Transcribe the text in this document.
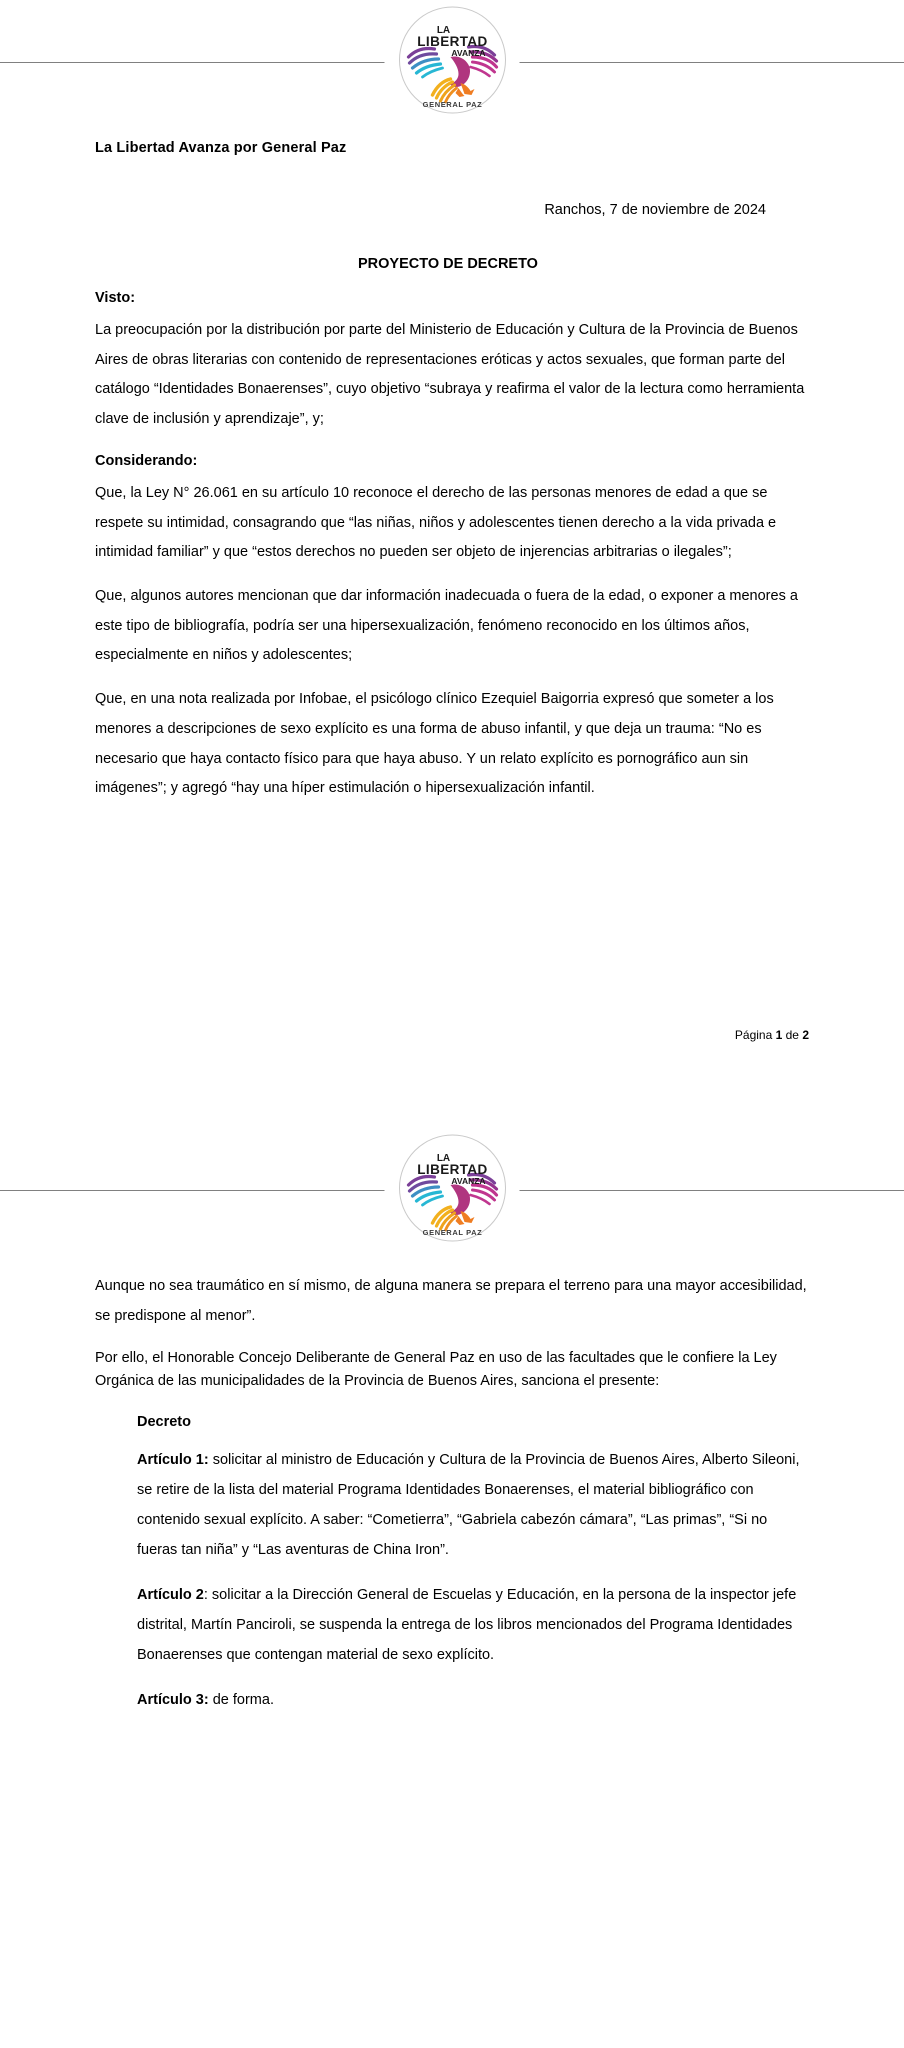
LA
LIBERTAD
AVANZA
GENERAL PAZ
La Libertad Avanza por General Paz

Ranchos, 7 de noviembre de 2024

PROYECTO DE DECRETO

Visto:

La preocupación por la distribución por parte del Ministerio de Educación y Cultura de la Provincia de Buenos Aires de obras literarias con contenido de representaciones eróticas y actos sexuales, que forman parte del catálogo “Identidades Bonaerenses”, cuyo objetivo “subraya y reafirma el valor de la lectura como herramienta clave de inclusión y aprendizaje”, y;

Considerando:

Que, la Ley N° 26.061 en su artículo 10 reconoce el derecho de las personas menores de edad a que se respete su intimidad, consagrando que “las niñas, niños y adolescentes tienen derecho a la vida privada e intimidad familiar” y que “estos derechos no pueden ser objeto de injerencias arbitrarias o ilegales”;

Que, algunos autores mencionan que dar información inadecuada o fuera de la edad, o exponer a menores a este tipo de bibliografía, podría ser una hipersexualización, fenómeno reconocido en los últimos años, especialmente en niños y adolescentes;

Que, en una nota realizada por Infobae, el psicólogo clínico Ezequiel Baigorria expresó que someter a los menores a descripciones de sexo explícito es una forma de abuso infantil, y que deja un trauma: “No es necesario que haya contacto físico para que haya abuso. Y un relato explícito es pornográfico aun sin imágenes”; y agregó “hay una híper estimulación o hipersexualización infantil.

Página 1 de 2

LA
LIBERTAD
AVANZA
GENERAL PAZ

Aunque no sea traumático en sí mismo, de alguna manera se prepara el terreno para una mayor accesibilidad, se predispone al menor”.

Por ello, el Honorable Concejo Deliberante de General Paz en uso de las facultades que le confiere la Ley Orgánica de las municipalidades de la Provincia de Buenos Aires, sanciona el presente:

Decreto

Artículo 1: solicitar al ministro de Educación y Cultura de la Provincia de Buenos Aires, Alberto Sileoni, se retire de la lista del material Programa Identidades Bonaerenses, el material bibliográfico con contenido sexual explícito. A saber: “Cometierra”, “Gabriela cabezón cámara”, “Las primas”, “Si no fueras tan niña” y “Las aventuras de China Iron”.

Artículo 2: solicitar a la Dirección General de Escuelas y Educación, en la persona de la inspector jefe distrital, Martín Panciroli, se suspenda la entrega de los libros mencionados del Programa Identidades Bonaerenses que contengan material de sexo explícito.

Artículo 3: de forma.
